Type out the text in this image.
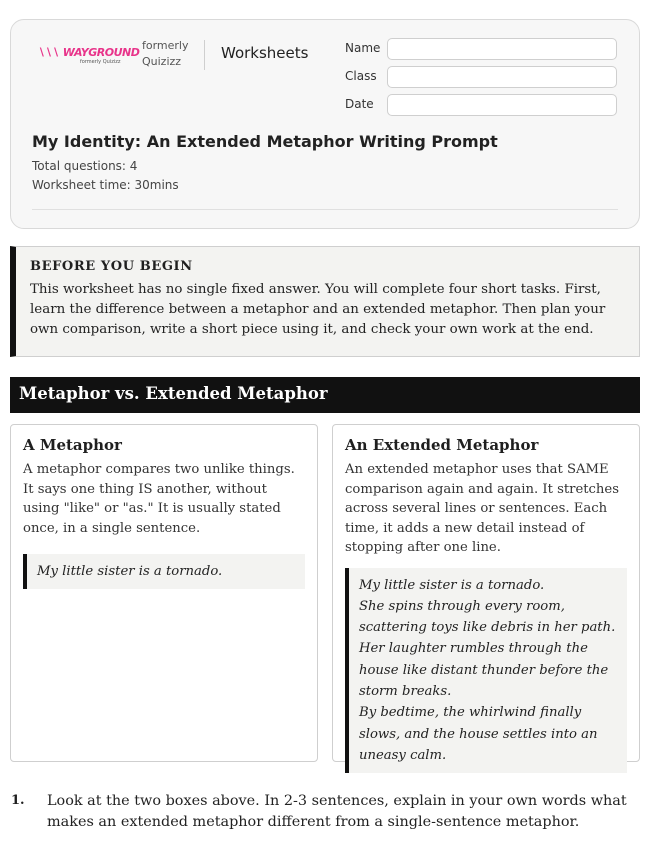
∖∖∖ WAYGROUND
formerly Quizizz
formerly Quizizz	Worksheets	Name
Class
Date
My Identity: An Extended Metaphor Writing Prompt
Total questions: 4
Worksheet time: 30mins
BEFORE YOU BEGIN
This worksheet has no single fixed answer. You will complete four short tasks. First, learn the difference between a metaphor and an extended metaphor. Then plan your own comparison, write a short piece using it, and check your own work at the end.
Metaphor vs. Extended Metaphor
A Metaphor
A metaphor compares two unlike things. It says one thing IS another, without using "like" or "as." It is usually stated once, in a single sentence.
My little sister is a tornado.
An Extended Metaphor
An extended metaphor uses that SAME comparison again and again. It stretches across several lines or sentences. Each time, it adds a new detail instead of stopping after one line.
My little sister is a tornado.
She spins through every room, scattering toys like debris in her path.
Her laughter rumbles through the house like distant thunder before the storm breaks.
By bedtime, the whirlwind finally slows, and the house settles into an uneasy calm.
1. Look at the two boxes above. In 2-3 sentences, explain in your own words what makes an extended metaphor different from a single-sentence metaphor.
